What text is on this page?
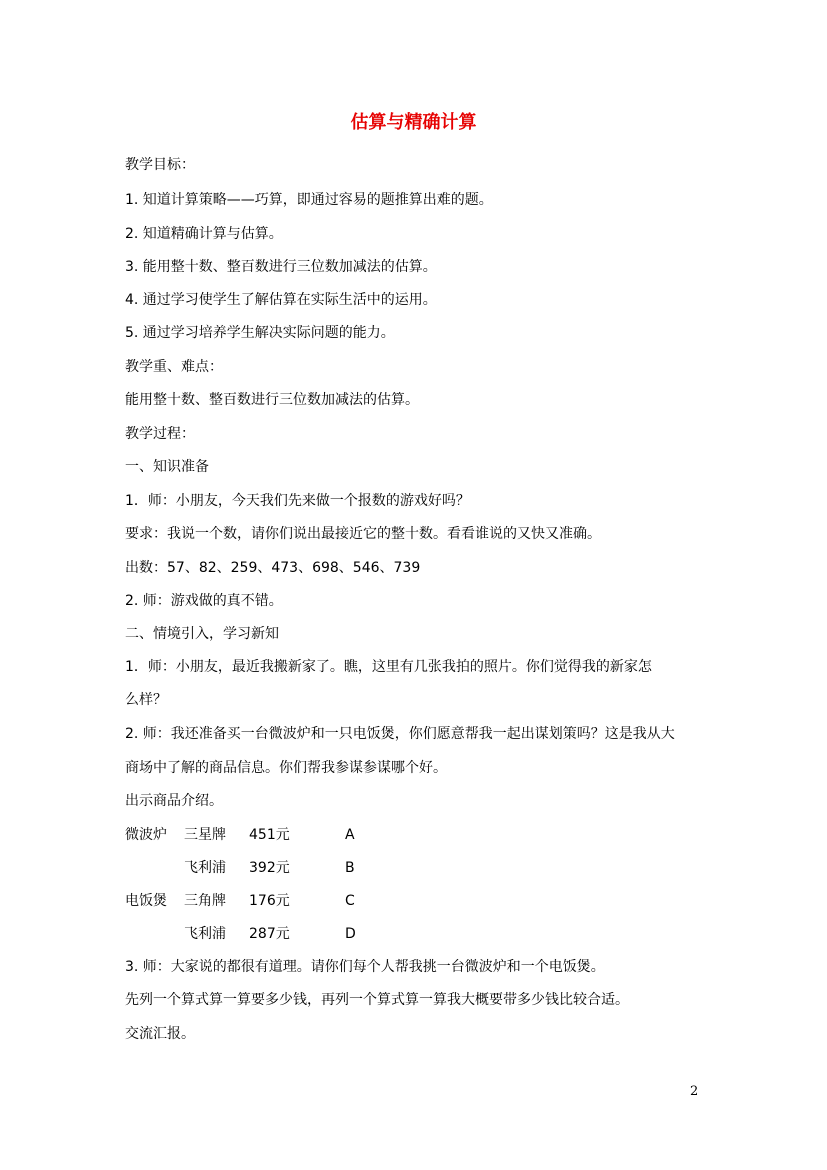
估算与精确计算
教学目标：
1. 知道计算策略——巧算，即通过容易的题推算出难的题。
2. 知道精确计算与估算。
3. 能用整十数、整百数进行三位数加减法的估算。
4. 通过学习使学生了解估算在实际生活中的运用。
5. 通过学习培养学生解决实际问题的能力。
教学重、难点：
能用整十数、整百数进行三位数加减法的估算。
教学过程：
一、知识准备
1．师：小朋友，今天我们先来做一个报数的游戏好吗？
要求：我说一个数，请你们说出最接近它的整十数。看看谁说的又快又准确。
出数：57、82、259、473、698、546、739
2. 师：游戏做的真不错。
二、情境引入，学习新知
1．师：小朋友，最近我搬新家了。瞧，这里有几张我拍的照片。你们觉得我的新家怎
么样？
2. 师：我还准备买一台微波炉和一只电饭煲，你们愿意帮我一起出谋划策吗？这是我从大
商场中了解的商品信息。你们帮我参谋参谋哪个好。
出示商品介绍。
微波炉 三星牌 451元	A
飞利浦 392元	B
电饭煲 三角牌 176元	C
飞利浦 287元	D
3. 师：大家说的都很有道理。请你们每个人帮我挑一台微波炉和一个电饭煲。
先列一个算式算一算要多少钱，再列一个算式算一算我大概要带多少钱比较合适。
交流汇报。
2
